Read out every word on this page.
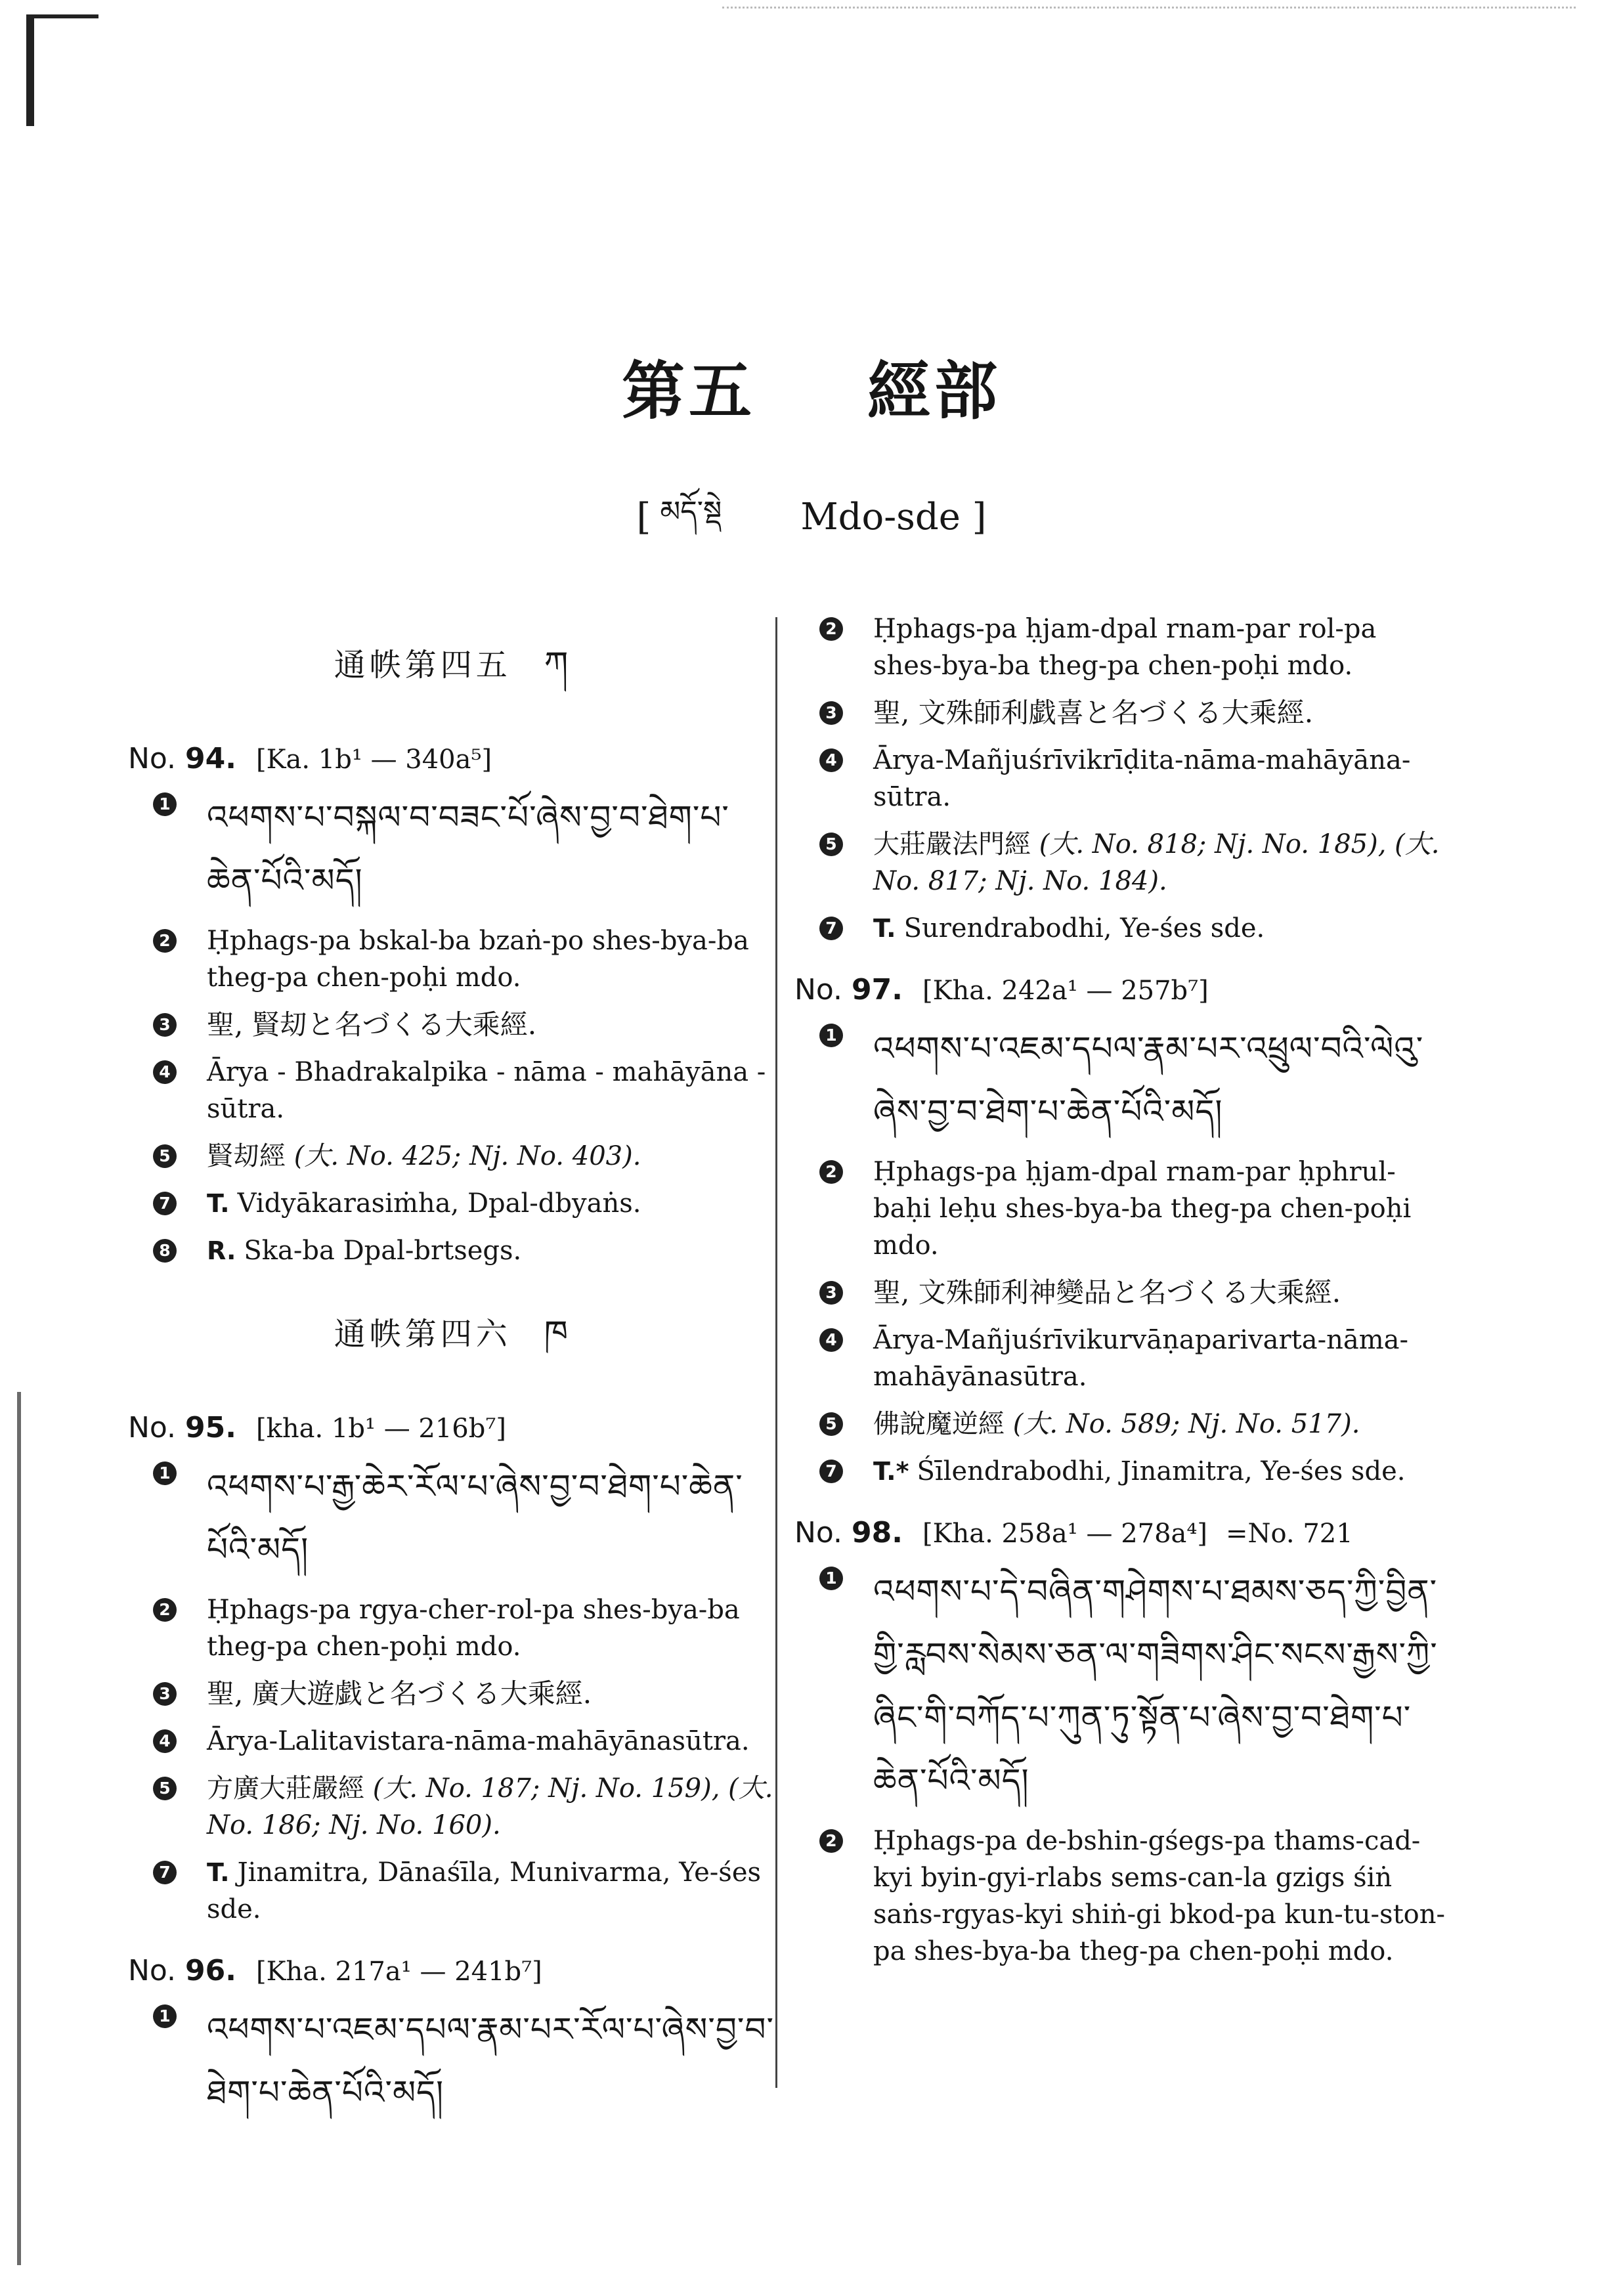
第五 經部
[ $^{མདོ་སྡེ}$ Mdo-sde ]
通帙第四五 ཀ
No. 94. [Ka. 1b¹ — 340a⁵]
1 འཕགས་པ་བསྐལ་བ་བཟང་པོ་ཞེས་བྱ་བ་ཐེག་པ་ཆེན་པོའི་མདོ།
2 Ḥphags-pa bskal-ba bzaṅ-po shes-bya-ba theg-pa chen-poḥi mdo.
3 聖, 賢刧と名づくる大乘經.
4 Ārya - Bhadrakalpika - nāma - mahāyāna - sūtra.
5 賢刧經 (大. No. 425; Nj. No. 403).
7 T. Vidyākarasiṁha, Dpal-dbyaṅs.
8 R. Ska-ba Dpal-brtsegs.
通帙第四六 ཁ
No. 95. [kha. 1b¹ — 216b⁷]
1 འཕགས་པ་རྒྱ་ཆེར་རོལ་པ་ཞེས་བྱ་བ་ཐེག་པ་ཆེན་པོའི་མདོ།
2 Ḥphags-pa rgya-cher-rol-pa shes-bya-ba theg-pa chen-poḥi mdo.
3 聖, 廣大遊戯と名づくる大乘經.
4 Ārya-Lalitavistara-nāma-mahāyānasūtra.
5 方廣大莊嚴經 (大. No. 187; Nj. No. 159), (大. No. 186; Nj. No. 160).
7 T. Jinamitra, Dānaśīla, Munivarma, Ye-śes sde.
No. 96. [Kha. 217a¹ — 241b⁷]
1 འཕགས་པ་འཇམ་དཔལ་རྣམ་པར་རོལ་པ་ཞེས་བྱ་བ་ཐེག་པ་ཆེན་པོའི་མདོ།
2 Ḥphags-pa ḥjam-dpal rnam-par rol-pa shes-bya-ba theg-pa chen-poḥi mdo.
3 聖, 文殊師利戯喜と名づくる大乘經.
4 Ārya-Mañjuśrīvikrīḍita-nāma-mahāyāna-sūtra.
5 大莊嚴法門經 (大. No. 818; Nj. No. 185), (大. No. 817; Nj. No. 184).
7 T. Surendrabodhi, Ye-śes sde.
No. 97. [Kha. 242a¹ — 257b⁷]
1 འཕགས་པ་འཇམ་དཔལ་རྣམ་པར་འཕྲུལ་བའི་ལེའུ་ཞེས་བྱ་བ་ཐེག་པ་ཆེན་པོའི་མདོ།
2 Ḥphags-pa ḥjam-dpal rnam-par ḥphrul-baḥi leḥu shes-bya-ba theg-pa chen-poḥi mdo.
3 聖, 文殊師利神變品と名づくる大乘經.
4 Ārya-Mañjuśrīvikurvāṇaparivarta-nāma-mahāyānasūtra.
5 佛說魔逆經 (大. No. 589; Nj. No. 517).
7 T.* Śīlendrabodhi, Jinamitra, Ye-śes sde.
No. 98. [Kha. 258a¹ — 278a⁴] =No. 721
1 འཕགས་པ་དེ་བཞིན་གཤེགས་པ་ཐམས་ཅད་ཀྱི་བྱིན་གྱི་རླབས་སེམས་ཅན་ལ་གཟིགས་ཤིང་སངས་རྒྱས་ཀྱི་ཞིང་གི་བཀོད་པ་ཀུན་ཏུ་སྟོན་པ་ཞེས་བྱ་བ་ཐེག་པ་ཆེན་པོའི་མདོ།
2 Ḥphags-pa de-bshin-gśegs-pa thams-cad-kyi byin-gyi-rlabs sems-can-la gzigs śiṅ saṅs-rgyas-kyi shiṅ-gi bkod-pa kun-tu-ston-pa shes-bya-ba theg-pa chen-poḥi mdo.
